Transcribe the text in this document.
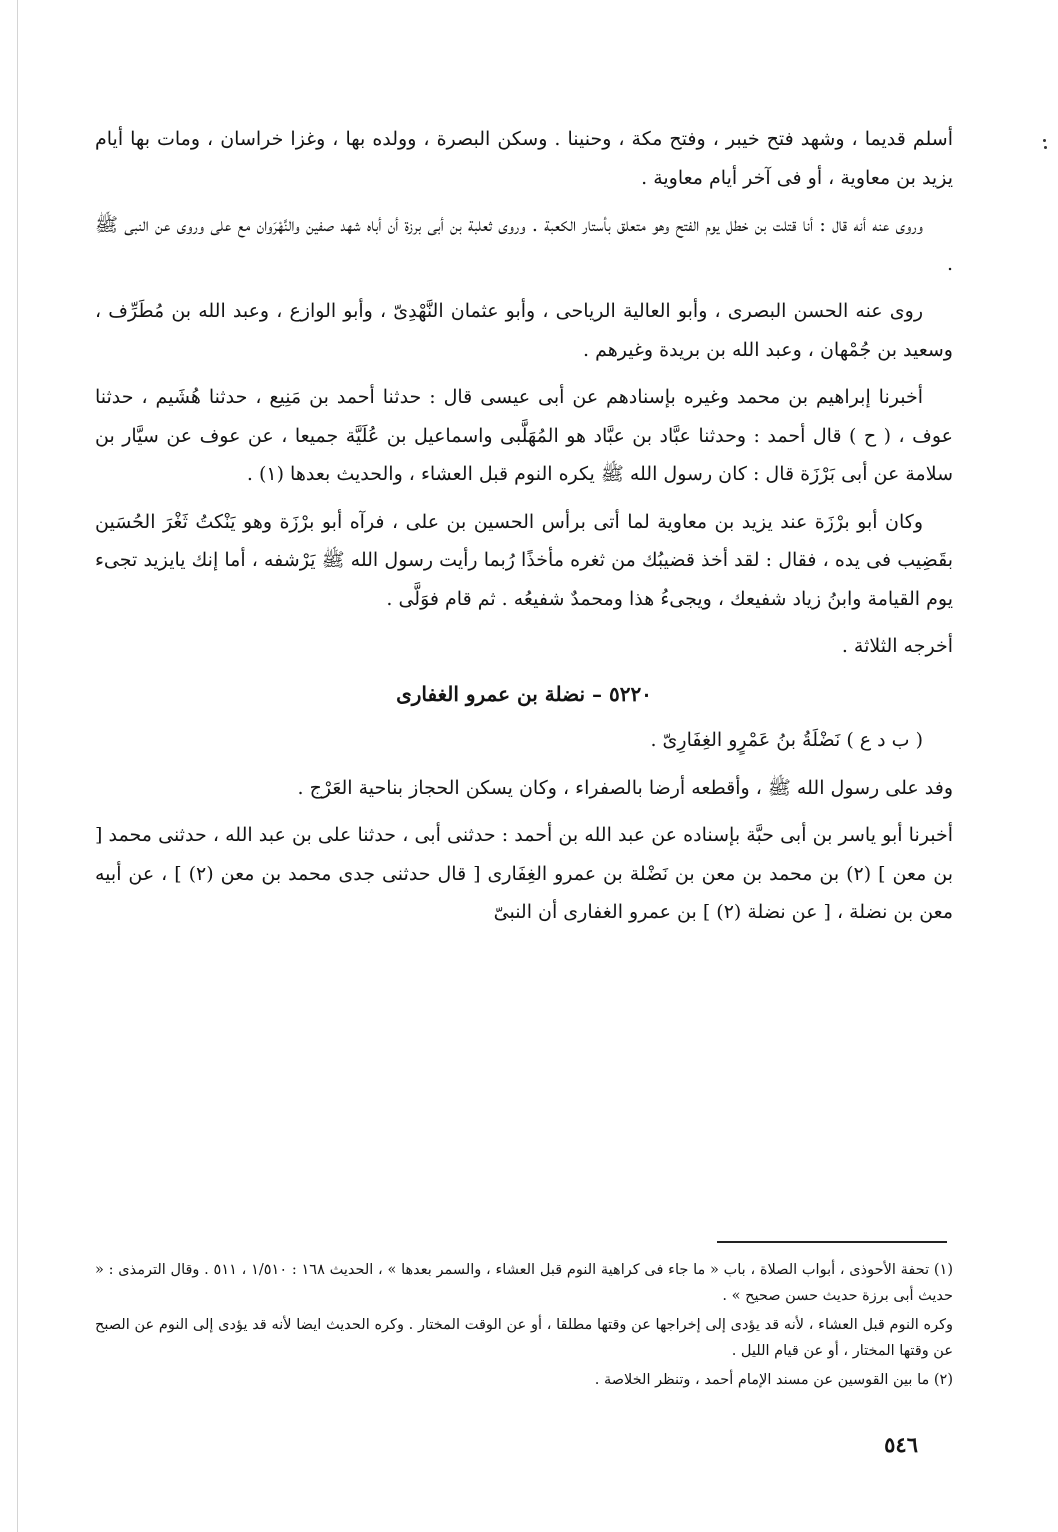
أسلم قديما ، وشهد فتح خيبر ، وفتح مكة ، وحنينا . وسكن البصرة ، وولده بها ، وغزا خراسان ، ومات بها أيام يزيد بن معاوية ، أو فى آخر أيام معاوية .

وروى عنه أنه قال : أنا قتلت بن خطل يوم الفتح وهو متعلق بأستار الكعبة . وروى ثعلبة بن أبى برزة أن أباه شهد صفين والنَّهْرَوان مع على وروى عن النبى ﷺ .

روى عنه الحسن البصرى ، وأبو العالية الرياحى ، وأبو عثمان النَّهْدِىّ ، وأبو الوازع ، وعبد الله بن مُطَرِّف ، وسعيد بن جُمْهان ، وعبد الله بن بريدة وغيرهم .

أخبرنا إبراهيم بن محمد وغيره بإسنادهم عن أبى عيسى قال : حدثنا أحمد بن مَنِيع ، حدثنا هُشَيم ، حدثنا عوف ، ( ح ) قال أحمد : وحدثنا عبَّاد بن عبَّاد هو المُهَلَّبى واسماعيل بن عُلَيَّة جميعا ، عن عوف عن سيَّار بن سلامة عن أبى بَرْزَة قال : كان رسول الله ﷺ يكره النوم قبل العشاء ، والحديث بعدها (١) .

وكان أبو برْزَة عند يزيد بن معاوية لما أتى برأس الحسين بن على ، فرآه أبو برْزَة وهو يَنْكتُ ثَغْرَ الحُسَين بقَضِيب فى يده ، فقال : لقد أخذ قضيبُك من ثغره مأخذًا رُبما رأيت رسول الله ﷺ يَرْشفه ، أما إنك يايزيد تجىء يوم القيامة وابنُ زياد شفيعك ، ويجىءُ هذا ومحمدٌ شفيعُه . ثم قام فوَلَّى .

أخرجه الثلاثة .

٥٢٢٠ – نضلة بن عمرو الغفارى

( ب د ع ) نَضْلَةُ بنُ عَمْرٍو الغِفَارِىّ .

وفد على رسول الله ﷺ ، وأقطعه أرضا بالصفراء ، وكان يسكن الحجاز بناحية العَرْج .

أخبرنا أبو ياسر بن أبى حبَّة بإسناده عن عبد الله بن أحمد : حدثنى أبى ، حدثنا على بن عبد الله ، حدثنى محمد [ بن معن ] (٢) بن محمد بن معن بن نَضْلة بن عمرو الغِفَارى [ قال حدثنى جدى محمد بن معن (٢) ] ، عن أبيه معن بن نضلة ، [ عن نضلة (٢) ] بن عمرو الغفارى أن النبىّ

(١) تحفة الأحوذى ، أبواب الصلاة ، باب « ما جاء فى كراهية النوم قبل العشاء ، والسمر بعدها » ، الحديث ١٦٨ : ١/٥١٠ ، ٥١١ . وقال الترمذى : « حديث أبى برزة حديث حسن صحيح » .

وكره النوم قبل العشاء ، لأنه قد يؤدى إلى إخراجها عن وقتها مطلقا ، أو عن الوقت المختار . وكره الحديث ايضا لأنه قد يؤدى إلى النوم عن الصبح عن وقتها المختار ، أو عن قيام الليل .

(٢) ما بين القوسين عن مسند الإمام أحمد ، وتنظر الخلاصة .

٥٤٦
